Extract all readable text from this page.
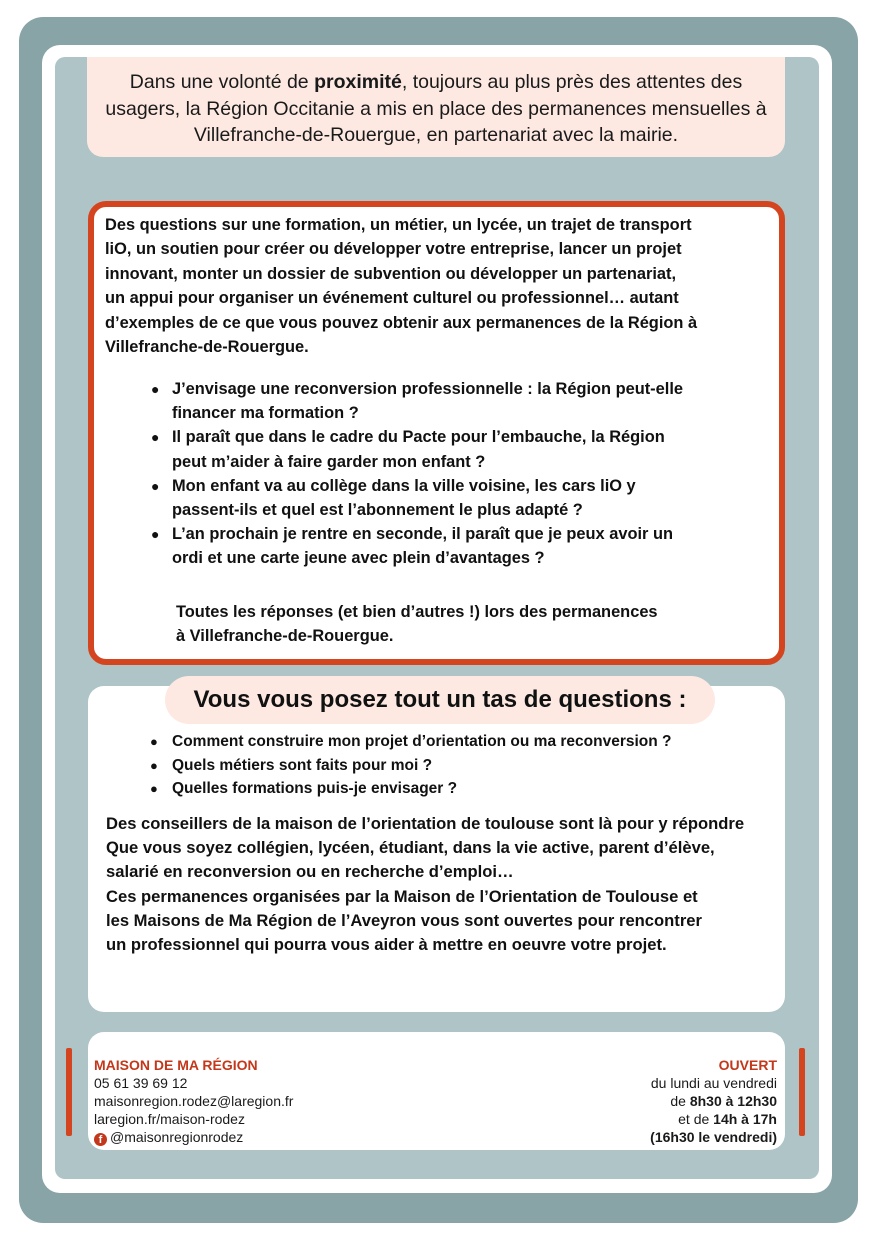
Dans une volonté de proximité, toujours au plus près des attentes des usagers, la Région Occitanie a mis en place des permanences mensuelles à Villefranche-de-Rouergue, en partenariat avec la mairie.

Des questions sur une formation, un métier, un lycée, un trajet de transport
liO, un soutien pour créer ou développer votre entreprise, lancer un projet
innovant, monter un dossier de subvention ou développer un partenariat,
un appui pour organiser un événement culturel ou professionnel… autant
d’exemples de ce que vous pouvez obtenir aux permanences de la Région à
Villefranche-de-Rouergue.

● J’envisage une reconversion professionnelle : la Région peut-elle
financer ma formation ?
● Il paraît que dans le cadre du Pacte pour l’embauche, la Région
peut m’aider à faire garder mon enfant ?
● Mon enfant va au collège dans la ville voisine, les cars liO y
passent-ils et quel est l’abonnement le plus adapté ?
● L’an prochain je rentre en seconde, il paraît que je peux avoir un
ordi et une carte jeune avec plein d’avantages ?

Toutes les réponses (et bien d’autres !) lors des permanences
à Villefranche-de-Rouergue.

● Comment construire mon projet d’orientation ou ma reconversion ?
● Quels métiers sont faits pour moi ?
● Quelles formations puis-je envisager ?

Des conseillers de la maison de l’orientation de toulouse sont là pour y répondre
Que vous soyez collégien, lycéen, étudiant, dans la vie active, parent d’élève,
salarié en reconversion ou en recherche d’emploi…
Ces permanences organisées par la Maison de l’Orientation de Toulouse et
les Maisons de Ma Région de l’Aveyron vous sont ouvertes pour rencontrer
un professionnel qui pourra vous aider à mettre en oeuvre votre projet.

Vous vous posez tout un tas de questions :
MAISON DE MA RÉGION
05 61 39 69 12
maisonregion.rodez@laregion.fr
laregion.fr/maison-rodez
f @maisonregionrodez
OUVERT
du lundi au vendredi
de 8h30 à 12h30
et de 14h à 17h
(16h30 le vendredi)
